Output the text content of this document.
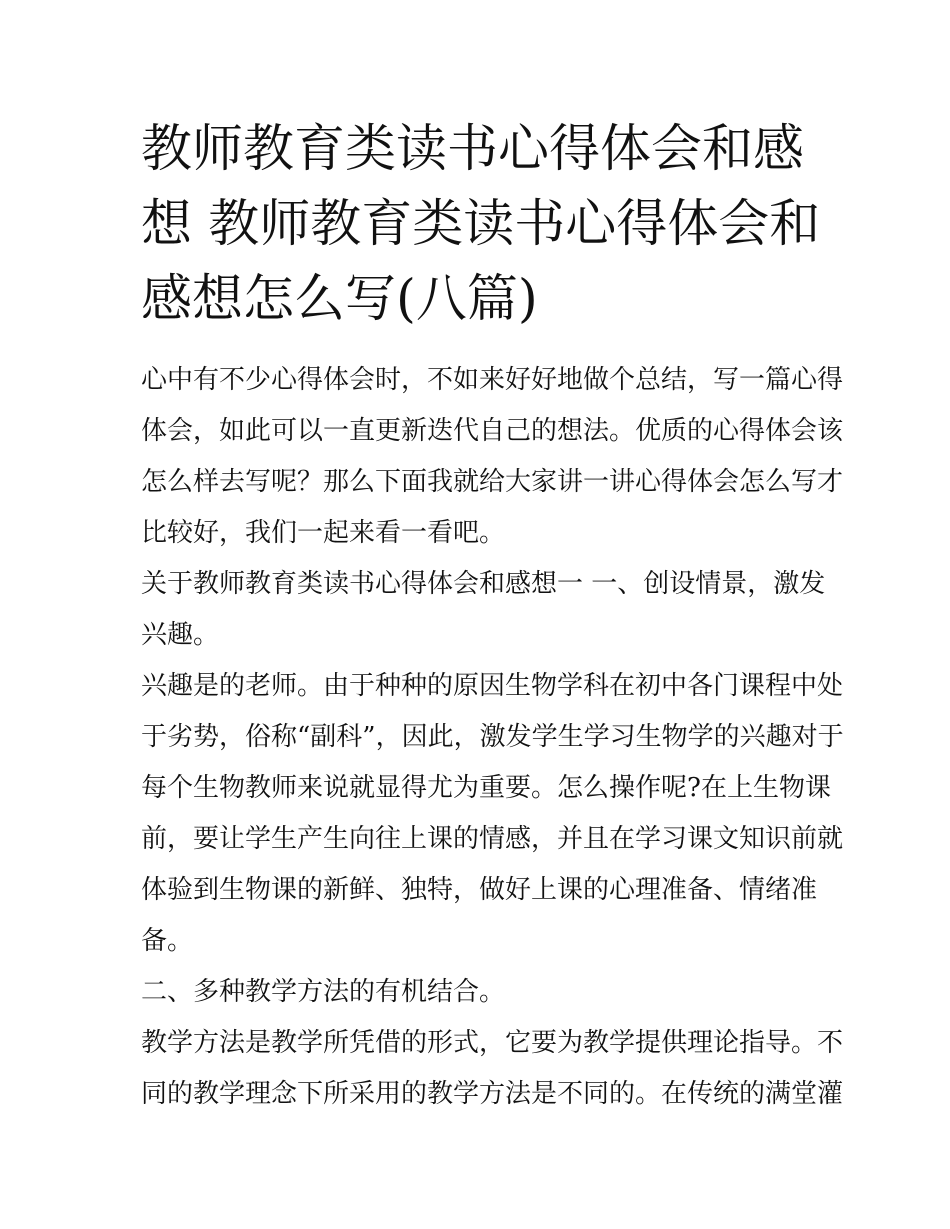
教师教育类读书心得体会和感
想 教师教育类读书心得体会和
感想怎么写(八篇)

心中有不少心得体会时，不如来好好地做个总结，写一篇心得
体会，如此可以一直更新迭代自己的想法。优质的心得体会该
怎么样去写呢？那么下面我就给大家讲一讲心得体会怎么写才
比较好，我们一起来看一看吧。

关于教师教育类读书心得体会和感想一 一、创设情景，激发
兴趣。

兴趣是的老师。由于种种的原因生物学科在初中各门课程中处
于劣势，俗称“副科”，因此，激发学生学习生物学的兴趣对于
每个生物教师来说就显得尤为重要。怎么操作呢?在上生物课
前，要让学生产生向往上课的情感，并且在学习课文知识前就
体验到生物课的新鲜、独特，做好上课的心理准备、情绪准
备。

二、多种教学方法的有机结合。

教学方法是教学所凭借的形式，它要为教学提供理论指导。不
同的教学理念下所采用的教学方法是不同的。在传统的满堂灌
